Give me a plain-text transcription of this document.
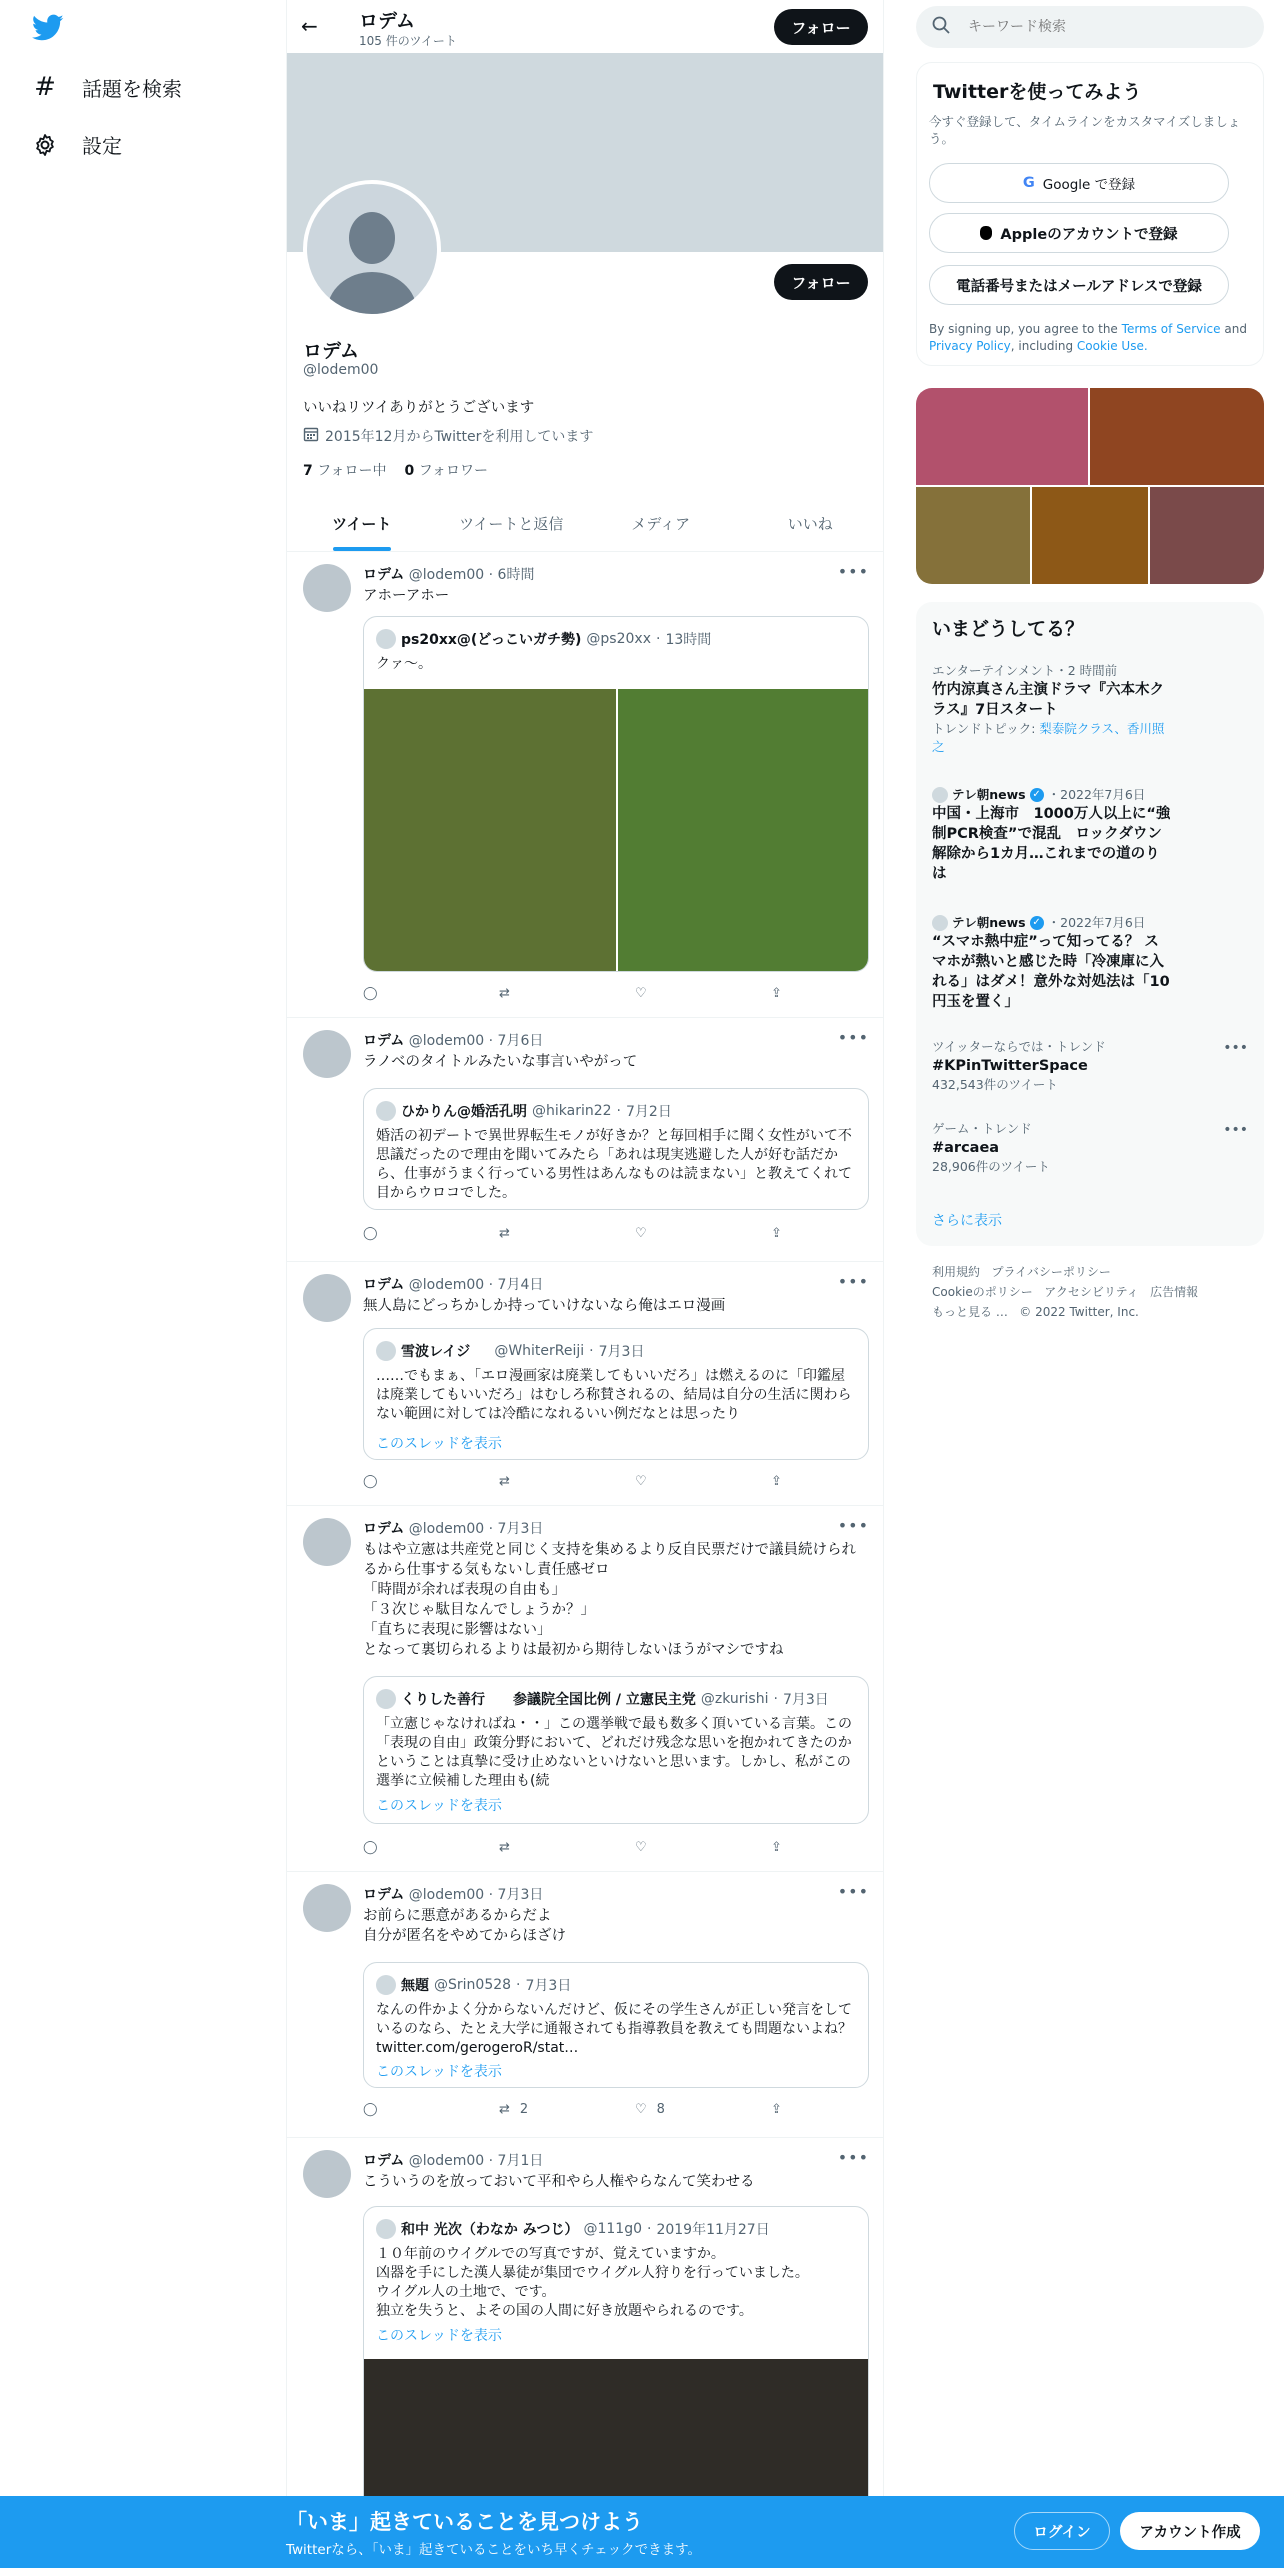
# 話題を検索
設定
← ロデム
105 件のツイート
フォロー
フォロー
ロデム
@lodem00
いいねリツイありがとうございます
2015年12月からTwitterを利用しています
7 フォロー中 0 フォロワー
ツイート	ツイートと返信	メディア	いいね
ロデム @lodem00 · 6時間	•••
アホーアホー
ps20xx@(どっこいガチ勢) @ps20xx · 13時間
クァ〜。
◯	⇄	♡	⇪
ロデム @lodem00 · 7月6日	•••
ラノベのタイトルみたいな事言いやがって
ひかりん@婚活孔明 @hikarin22 · 7月2日
婚活の初デートで異世界転生モノが好きか？と毎回相手に聞く女性がいて不思議だったので理由を聞いてみたら「あれは現実逃避した人が好む話だから、仕事がうまく行っている男性はあんなものは読まない」と教えてくれて目からウロコでした。
◯	⇄	♡	⇪
ロデム @lodem00 · 7月4日	•••
無人島にどっちかしか持っていけないなら俺はエロ漫画
雪波レイジ
　 @WhiterReiji · 7月3日
……でもまぁ、「エロ漫画家は廃業してもいいだろ」は燃えるのに「印鑑屋は廃業してもいいだろ」はむしろ称賛されるの、結局は自分の生活に関わらない範囲に対しては冷酷になれるいい例だなとは思ったり
このスレッドを表示
◯	⇄	♡	⇪
ロデム @lodem00 · 7月3日	•••
もはや立憲は共産党と同じく支持を集めるより反自民票だけで議員続けられるから仕事する気もないし責任感ゼロ
「時間が余れば表現の自由も」
「３次じゃ駄目なんでしょうか？」
「直ちに表現に影響はない」
となって裏切られるよりは最初から期待しないほうがマシですね
くりした善行　　参議院全国比例 / 立憲民主党 @zkurishi · 7月3日
「立憲じゃなければね・・」この選挙戦で最も数多く頂いている言葉。この「表現の自由」政策分野において、どれだけ残念な思いを抱かれてきたのかということは真摯に受け止めないといけないと思います。しかし、私がこの選挙に立候補した理由も(続
このスレッドを表示
◯	⇄	♡	⇪
ロデム @lodem00 · 7月3日	•••
お前らに悪意があるからだよ
自分が匿名をやめてからほざけ
無題 @Srin0528 · 7月3日
なんの件かよく分からないんだけど、仮にその学生さんが正しい発言をしているのなら、たとえ大学に通報されても指導教員を教えても問題ないよね？ twitter.com/gerogeroR/stat…
このスレッドを表示
◯	⇄ 2	♡ 8	⇪
ロデム @lodem00 · 7月1日	•••
こういうのを放っておいて平和やら人権やらなんて笑わせる
和中 光次（わなか みつじ） @111g0 · 2019年11月27日
１０年前のウイグルでの写真ですが、覚えていますか。
凶器を手にした漢人暴徒が集団でウイグル人狩りを行っていました。
ウイグル人の土地で、です。
独立を失うと、よその国の人間に好き放題やられるのです。
このスレッドを表示
キーワード検索
Twitterを使ってみよう
今すぐ登録して、タイムラインをカスタマイズしましょう。
G Google で登録
Appleのアカウントで登録
電話番号またはメールアドレスで登録
By signing up, you agree to the Terms of Service and Privacy Policy, including Cookie Use.
いまどうしてる？
エンターテインメント・2 時間前
竹内涼真さん主演ドラマ『六本木クラス』7日スタート
トレンドトピック: 梨泰院クラス、香川照之
テレ朝news ✓ ・2022年7月6日
中国・上海市　1000万人以上に“強制PCR検査”で混乱　ロックダウン解除から1カ月…これまでの道のりは
テレ朝news ✓ ・2022年7月6日
“スマホ熱中症”って知ってる？ スマホが熱いと感じた時「冷凍庫に入れる」はダメ！意外な対処法は「10円玉を置く」
ツイッターならでは・トレンド
#KPinTwitterSpace
432,543件のツイート
•••
ゲーム・トレンド
#arcaea
28,906件のツイート
•••
さらに表示
利用規約 プライバシーポリシー
Cookieのポリシー アクセシビリティ 広告情報
もっと見る … © 2022 Twitter, Inc.
「いま」起きていることを見つけよう
Twitterなら、「いま」起きていることをいち早くチェックできます。
ログイン	アカウント作成
